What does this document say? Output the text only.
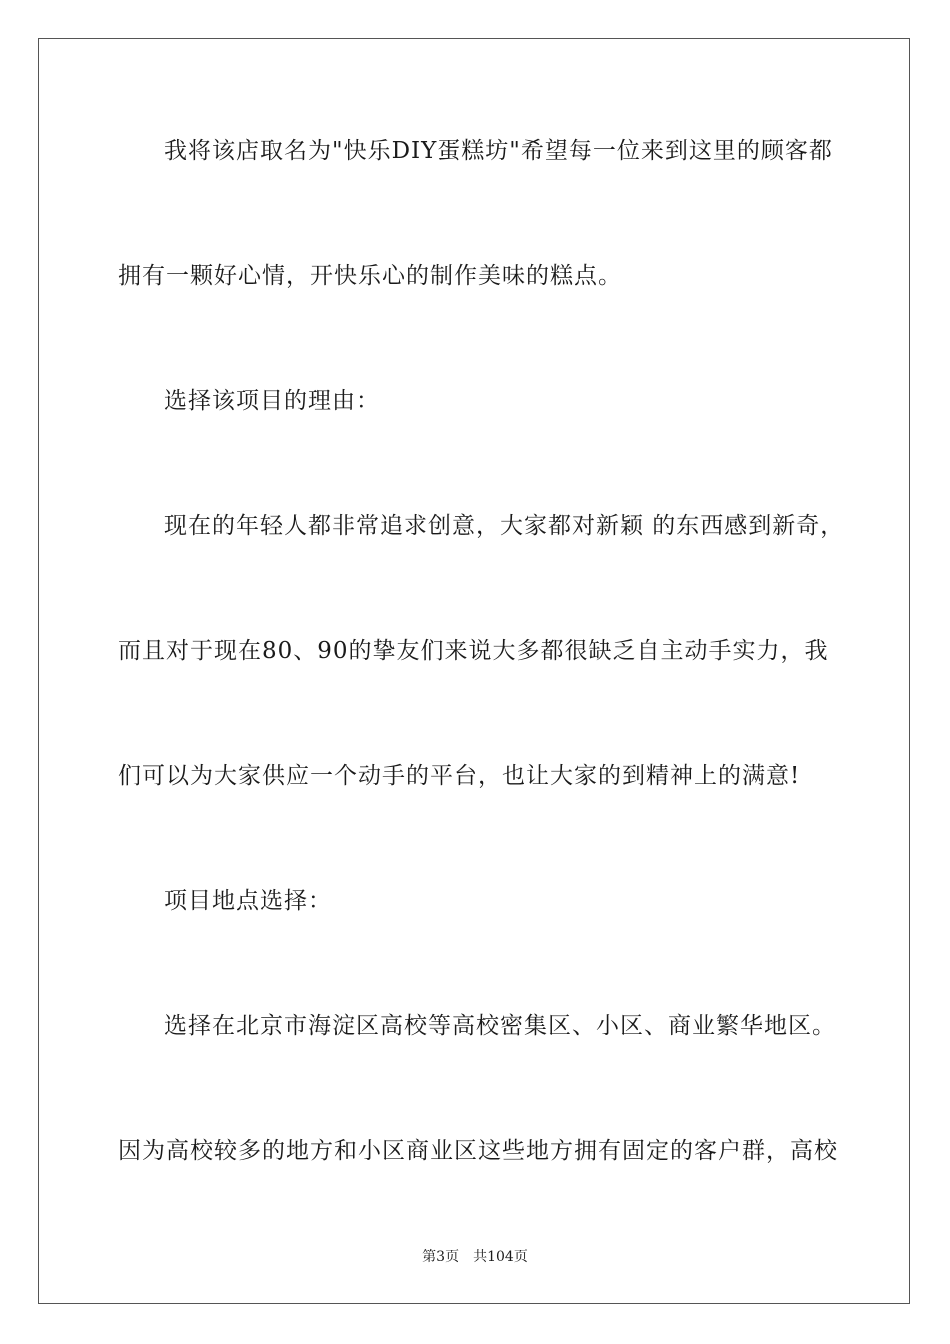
我将该店取名为"快乐DIY蛋糕坊"希望每一位来到这里的顾客都
拥有一颗好心情，开快乐心的制作美味的糕点。
选择该项目的理由：
现在的年轻人都非常追求创意，大家都对新颖 的东西感到新奇，
而且对于现在80、90的挚友们来说大多都很缺乏自主动手实力，我
们可以为大家供应一个动手的平台，也让大家的到精神上的满意!
项目地点选择：
选择在北京市海淀区高校等高校密集区、小区、商业繁华地区。
因为高校较多的地方和小区商业区这些地方拥有固定的客户群，高校
第3页 共104页
